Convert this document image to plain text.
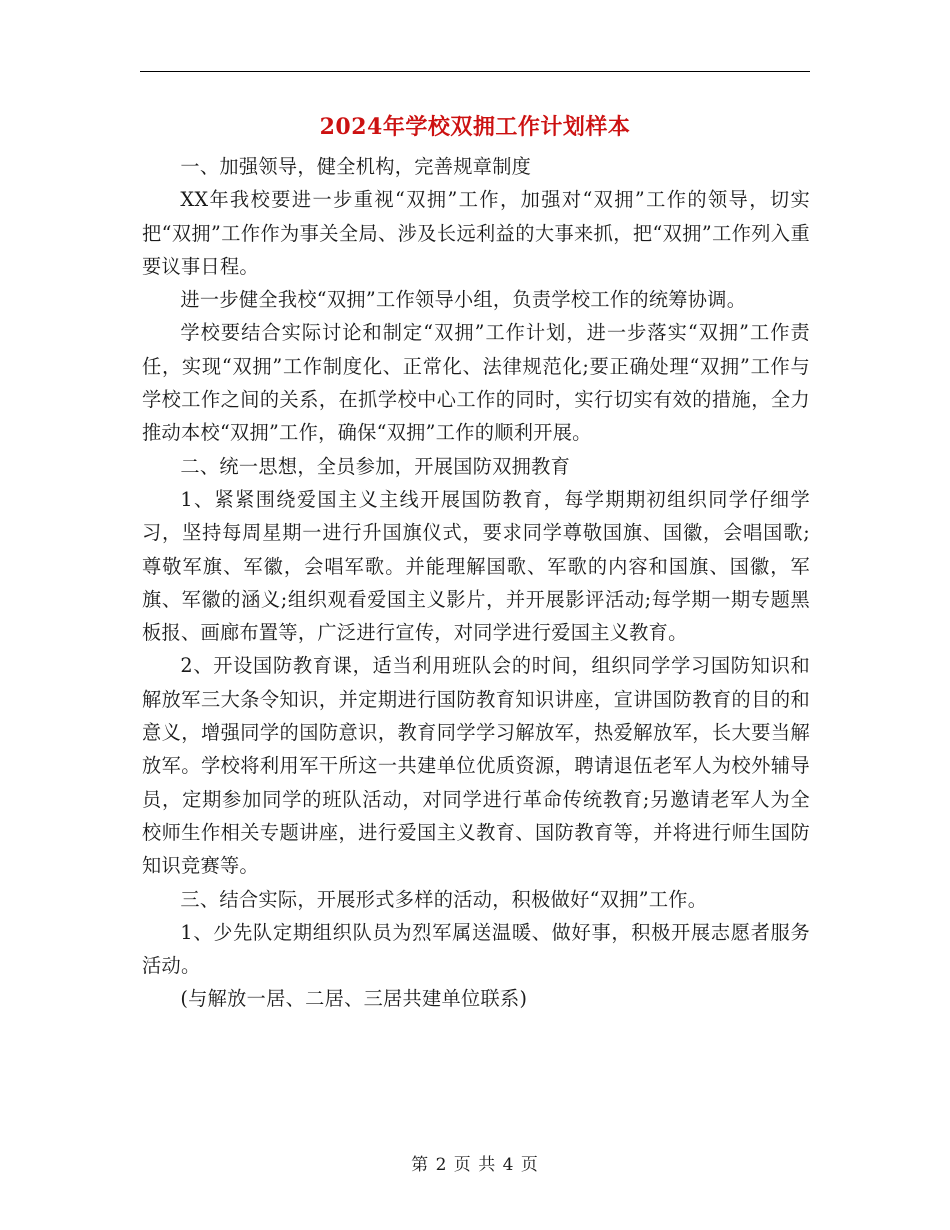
2024年学校双拥工作计划样本

一、加强领导，健全机构，完善规章制度

XX年我校要进一步重视“双拥”工作，加强对“双拥”工作的领导，切实把“双拥”工作作为事关全局、涉及长远利益的大事来抓，把“双拥”工作列入重要议事日程。

进一步健全我校“双拥”工作领导小组，负责学校工作的统筹协调。

学校要结合实际讨论和制定“双拥”工作计划，进一步落实“双拥”工作责任，实现“双拥”工作制度化、正常化、法律规范化;要正确处理“双拥”工作与学校工作之间的关系，在抓学校中心工作的同时，实行切实有效的措施，全力推动本校“双拥”工作，确保“双拥”工作的顺利开展。

二、统一思想，全员参加，开展国防双拥教育

1、紧紧围绕爱国主义主线开展国防教育，每学期期初组织同学仔细学习，坚持每周星期一进行升国旗仪式，要求同学尊敬国旗、国徽，会唱国歌;尊敬军旗、军徽，会唱军歌。并能理解国歌、军歌的内容和国旗、国徽，军旗、军徽的涵义;组织观看爱国主义影片，并开展影评活动;每学期一期专题黑板报、画廊布置等，广泛进行宣传，对同学进行爱国主义教育。

2、开设国防教育课，适当利用班队会的时间，组织同学学习国防知识和解放军三大条令知识，并定期进行国防教育知识讲座，宣讲国防教育的目的和意义，增强同学的国防意识，教育同学学习解放军，热爱解放军，长大要当解放军。学校将利用军干所这一共建单位优质资源，聘请退伍老军人为校外辅导员，定期参加同学的班队活动，对同学进行革命传统教育;另邀请老军人为全校师生作相关专题讲座，进行爱国主义教育、国防教育等，并将进行师生国防知识竞赛等。

三、结合实际，开展形式多样的活动，积极做好“双拥”工作。

1、少先队定期组织队员为烈军属送温暖、做好事，积极开展志愿者服务活动。

(与解放一居、二居、三居共建单位联系)

第 2 页 共 4 页
